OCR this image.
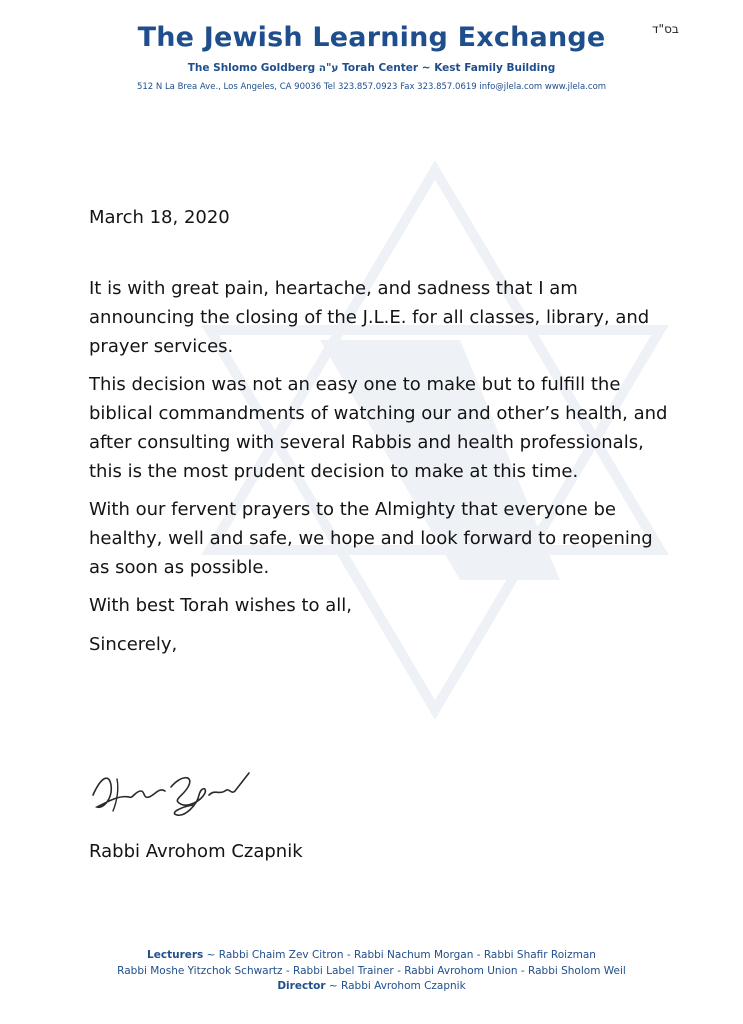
The Jewish Learning Exchange	בס"ד
The Shlomo Goldberg ע"ה Torah Center ~ Kest Family Building
512 N La Brea Ave., Los Angeles, CA 90036 Tel 323.857.0923 Fax 323.857.0619 info@jlela.com www.jlela.com

March 18, 2020

It is with great pain, heartache, and sadness that I am announcing the closing of the J.L.E. for all classes, library, and prayer services.

This decision was not an easy one to make but to fulfill the biblical commandments of watching our and other’s health, and after consulting with several Rabbis and health professionals, this is the most prudent decision to make at this time.

With our fervent prayers to the Almighty that everyone be healthy, well and safe, we hope and look forward to reopening as soon as possible.

With best Torah wishes to all,

Sincerely,

Rabbi Avrohom Czapnik
Lecturers ~ Rabbi Chaim Zev Citron - Rabbi Nachum Morgan - Rabbi Shafir Roizman
Rabbi Moshe Yitzchok Schwartz - Rabbi Label Trainer - Rabbi Avrohom Union - Rabbi Sholom Weil
Director ~ Rabbi Avrohom Czapnik
